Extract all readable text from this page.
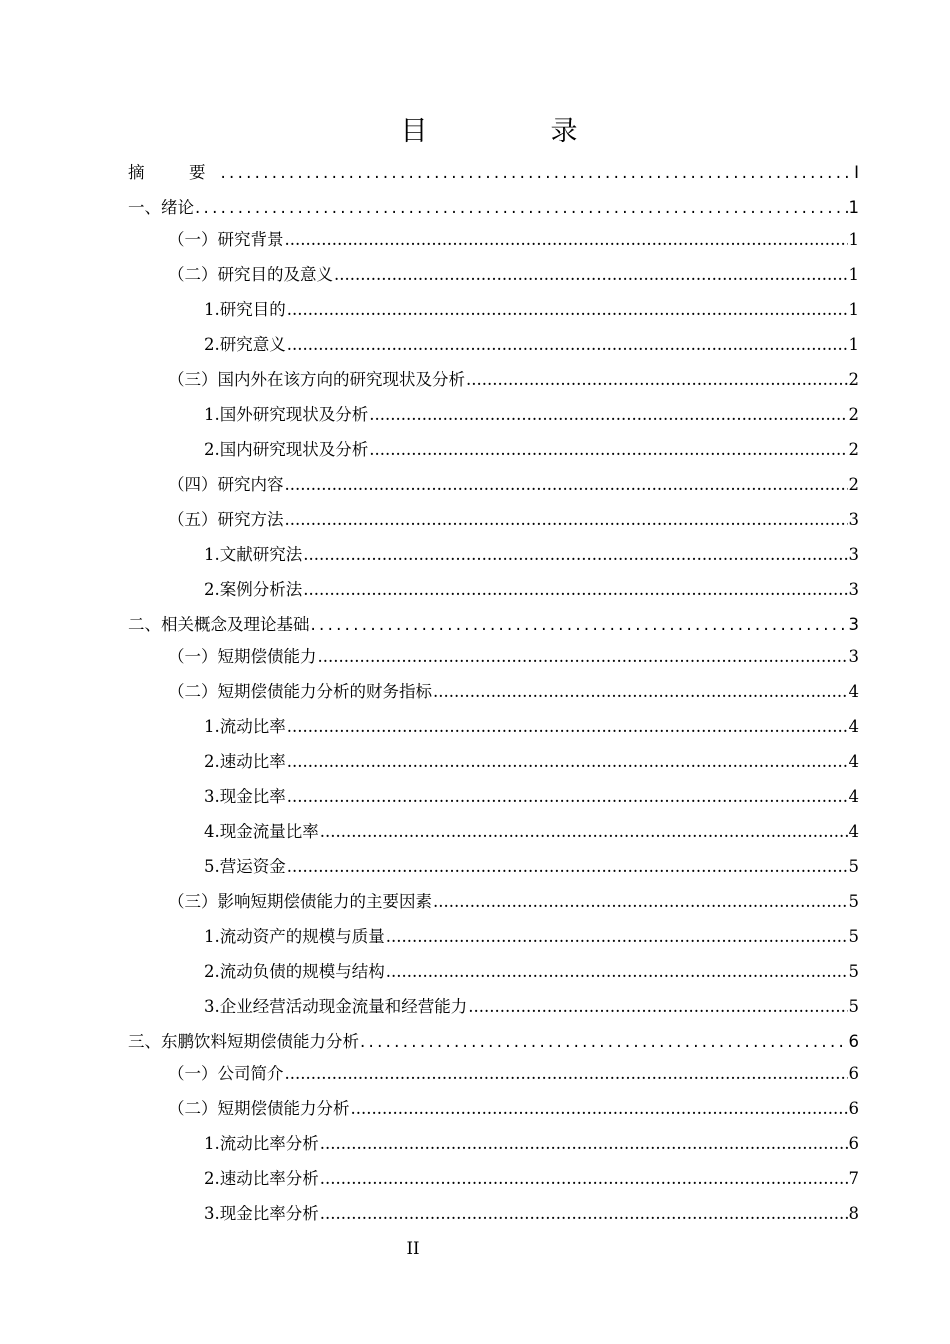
目　录
摘　要 .....	I
一、绪论 .....	1
（一）研究背景 .....	1
（二）研究目的及意义 .....	1
1.研究目的 .....	1
2.研究意义 .....	1
（三）国内外在该方向的研究现状及分析 .....	2
1.国外研究现状及分析 .....	2
2.国内研究现状及分析 .....	2
（四）研究内容 .....	2
（五）研究方法 .....	3
1.文献研究法 .....	3
2.案例分析法 .....	3
二、相关概念及理论基础 .....	3
（一）短期偿债能力 .....	3
（二）短期偿债能力分析的财务指标 .....	4
1.流动比率 .....	4
2.速动比率 .....	4
3.现金比率 .....	4
4.现金流量比率 .....	4
5.营运资金 .....	5
（三）影响短期偿债能力的主要因素 .....	5
1.流动资产的规模与质量 .....	5
2.流动负债的规模与结构 .....	5
3.企业经营活动现金流量和经营能力 .....	5
三、东鹏饮料短期偿债能力分析 .....	6
（一）公司简介 .....	6
（二）短期偿债能力分析 .....	6
1.流动比率分析 .....	6
2.速动比率分析 .....	7
3.现金比率分析 .....	8
II
